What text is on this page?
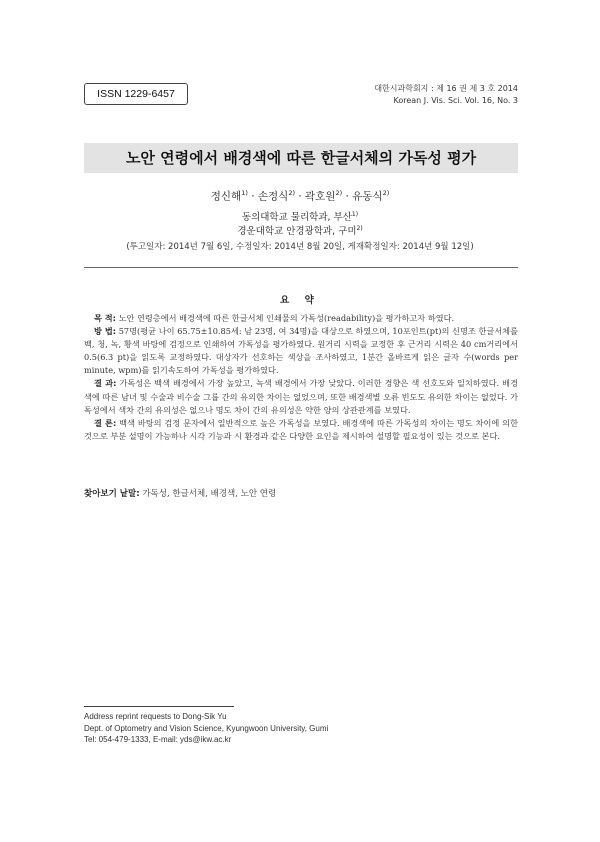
ISSN 1229-6457	대한시과학회지 : 제 16 권 제 3 호 2014
Korean J. Vis. Sci. Vol. 16, No. 3
노안 연령에서 배경색에 따른 한글서체의 가독성 평가
정신해$^{1)}$ · 손정식$^{2)}$ · 곽호원$^{2)}$ · 유동식$^{2)}$
동의대학교 물리학과, 부산$^{1)}$
경운대학교 안경광학과, 구미$^{2)}$
(투고일자: 2014년 7월 6일, 수정일자: 2014년 8월 20일, 게재확정일자: 2014년 9월 12일)
요 약

목 적: 노안 연령층에서 배경색에 따른 한글서체 인쇄물의 가독성(readability)을 평가하고자 하였다.

방 법: 57명(평균 나이 65.75±10.85세: 남 23명, 여 34명)을 대상으로 하였으며, 10포인트(pt)의 신명조 한글서체를 백, 청, 녹, 황색 바탕에 검정으로 인쇄하여 가독성을 평가하였다. 원거리 시력을 교정한 후 근거리 시력은 40 cm거리에서 0.5(6.3 pt)을 읽도록 교정하였다. 대상자가 선호하는 색상을 조사하였고, 1분간 올바르게 읽은 글자 수(words per minute, wpm)를 읽기속도하여 가독성을 평가하였다.

결 과: 가독성은 백색 배경에서 가장 높았고, 녹색 배경에서 가장 낮았다. 이러한 경향은 색 선호도와 일치하였다. 배경색에 따른 남녀 및 수술과 비수술 그룹 간의 유의한 차이는 없었으며, 또한 배경색별 오류 빈도도 유의한 차이는 없었다. 가독성에서 색차 간의 유의성은 없으나 명도 차이 간의 유의성은 약한 양의 상관관계를 보였다.

결 론: 백색 바탕의 검정 문자에서 일반적으로 높은 가독성을 보였다. 배경색에 따른 가독성의 차이는 명도 차이에 의한 것으로 부분 설명이 가능하나 시각 기능과 시 환경과 같은 다양한 요인을 제시하여 설명할 필요성이 있는 것으로 본다.

찾아보기 낱말: 가독성, 한글서체, 배경색, 노안 연령
Address reprint requests to Dong-Sik Yu
Dept. of Optometry and Vision Science, Kyungwoon University, Gumi
Tel: 054-479-1333, E-mail: yds@ikw.ac.kr
